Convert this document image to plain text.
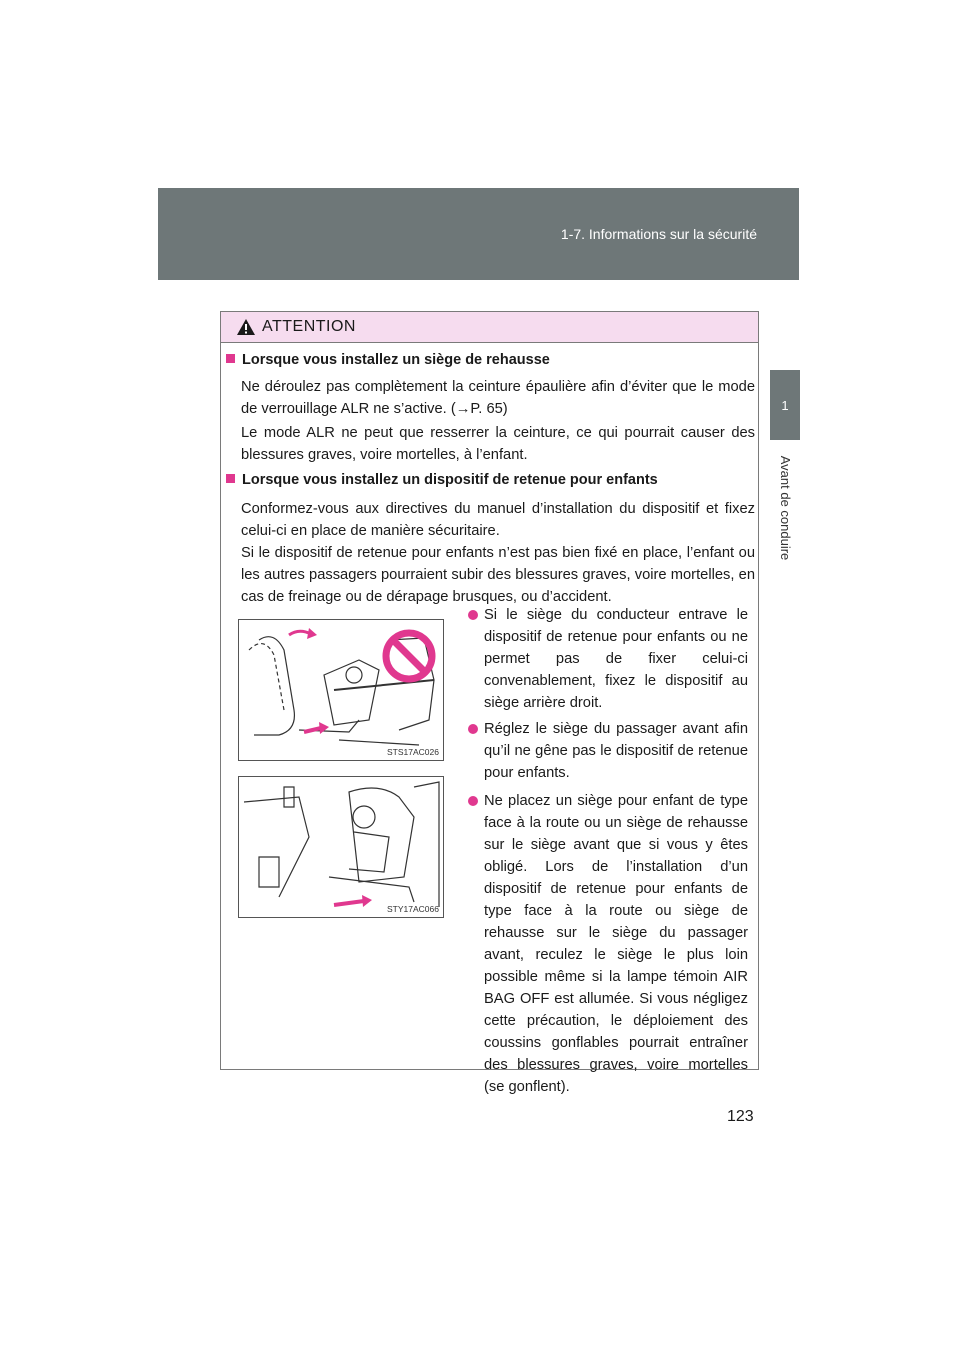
1-7. Informations sur la sécurité
1
Avant de conduire
ATTENTION
Lorsque vous installez un siège de rehausse
Ne déroulez pas complètement la ceinture épaulière afin d’éviter que le mode de verrouillage ALR ne s’active. (→P. 65)
Le mode ALR ne peut que resserrer la ceinture, ce qui pourrait causer des blessures graves, voire mortelles, à l’enfant.
Lorsque vous installez un dispositif de retenue pour enfants
Conformez-vous aux directives du manuel d’installation du dispositif et fixez celui-ci en place de manière sécuritaire.
Si le dispositif de retenue pour enfants n’est pas bien fixé en place, l’enfant ou les autres passagers pourraient subir des blessures graves, voire mortelles, en cas de freinage ou de dérapage brusques, ou d’accident.
STS17AC026
STY17AC066
Si le siège du conducteur entrave le dispositif de retenue pour enfants ou ne permet pas de fixer celui-ci convenablement, fixez le dispositif au siège arrière droit.
Réglez le siège du passager avant afin qu’il ne gêne pas le dispositif de retenue pour enfants.
Ne placez un siège pour enfant de type face à la route ou un siège de rehausse sur le siège avant que si vous y êtes obligé. Lors de l’installation d’un dispositif de retenue pour enfants de type face à la route ou siège de rehausse sur le siège du passager avant, reculez le siège le plus loin possible même si la lampe témoin AIR BAG OFF est allumée. Si vous négligez cette précaution, le déploiement des coussins gonflables pourrait entraîner des blessures graves, voire mortelles (se gonflent).
123
